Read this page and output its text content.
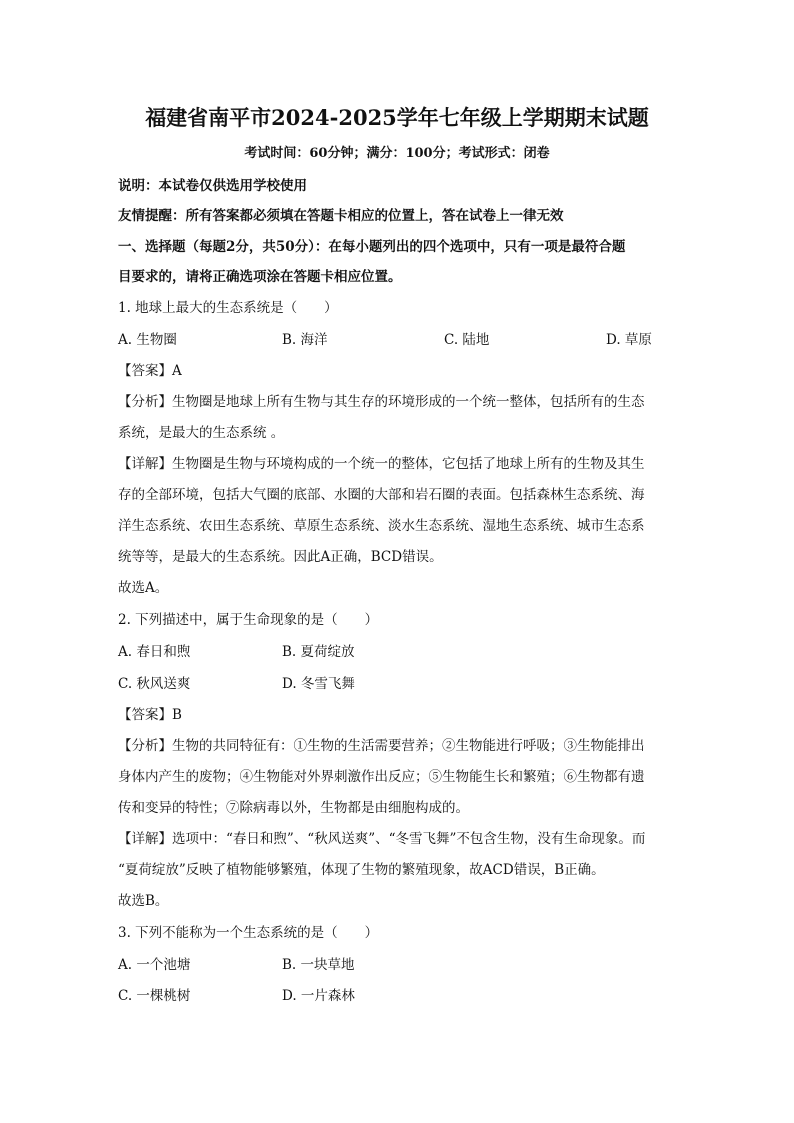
福建省南平市2024-2025学年七年级上学期期末试题
考试时间：60分钟；满分：100分；考试形式：闭卷
说明：本试卷仅供选用学校使用
友情提醒：所有答案都必须填在答题卡相应的位置上，答在试卷上一律无效
一、选择题（每题2分，共50分）：在每小题列出的四个选项中，只有一项是最符合题
目要求的，请将正确选项涂在答题卡相应位置。
1. 地球上最大的生态系统是（　　）
A. 生物圈	B. 海洋	C. 陆地	D. 草原
【答案】A
【分析】生物圈是地球上所有生物与其生存的环境形成的一个统一整体，包括所有的生态
系统，是最大的生态系统 。
【详解】生物圈是生物与环境构成的一个统一的整体，它包括了地球上所有的生物及其生
存的全部环境，包括大气圈的底部、水圈的大部和岩石圈的表面。包括森林生态系统、海
洋生态系统、农田生态系统、草原生态系统、淡水生态系统、湿地生态系统、城市生态系
统等等，是最大的生态系统。因此A正确，BCD错误。
故选A。
2. 下列描述中，属于生命现象的是（　　）
A. 春日和煦	B. 夏荷绽放
C. 秋风送爽	D. 冬雪飞舞
【答案】B
【分析】生物的共同特征有：①生物的生活需要营养；②生物能进行呼吸；③生物能排出
身体内产生的废物；④生物能对外界刺激作出反应；⑤生物能生长和繁殖；⑥生物都有遗
传和变异的特性；⑦除病毒以外，生物都是由细胞构成的。
【详解】选项中：“春日和煦”、“秋风送爽”、“冬雪飞舞”不包含生物，没有生命现象。而
“夏荷绽放”反映了植物能够繁殖，体现了生物的繁殖现象，故ACD错误，B正确。
故选B。
3. 下列不能称为一个生态系统的是（　　）
A. 一个池塘	B. 一块草地
C. 一棵桃树	D. 一片森林
